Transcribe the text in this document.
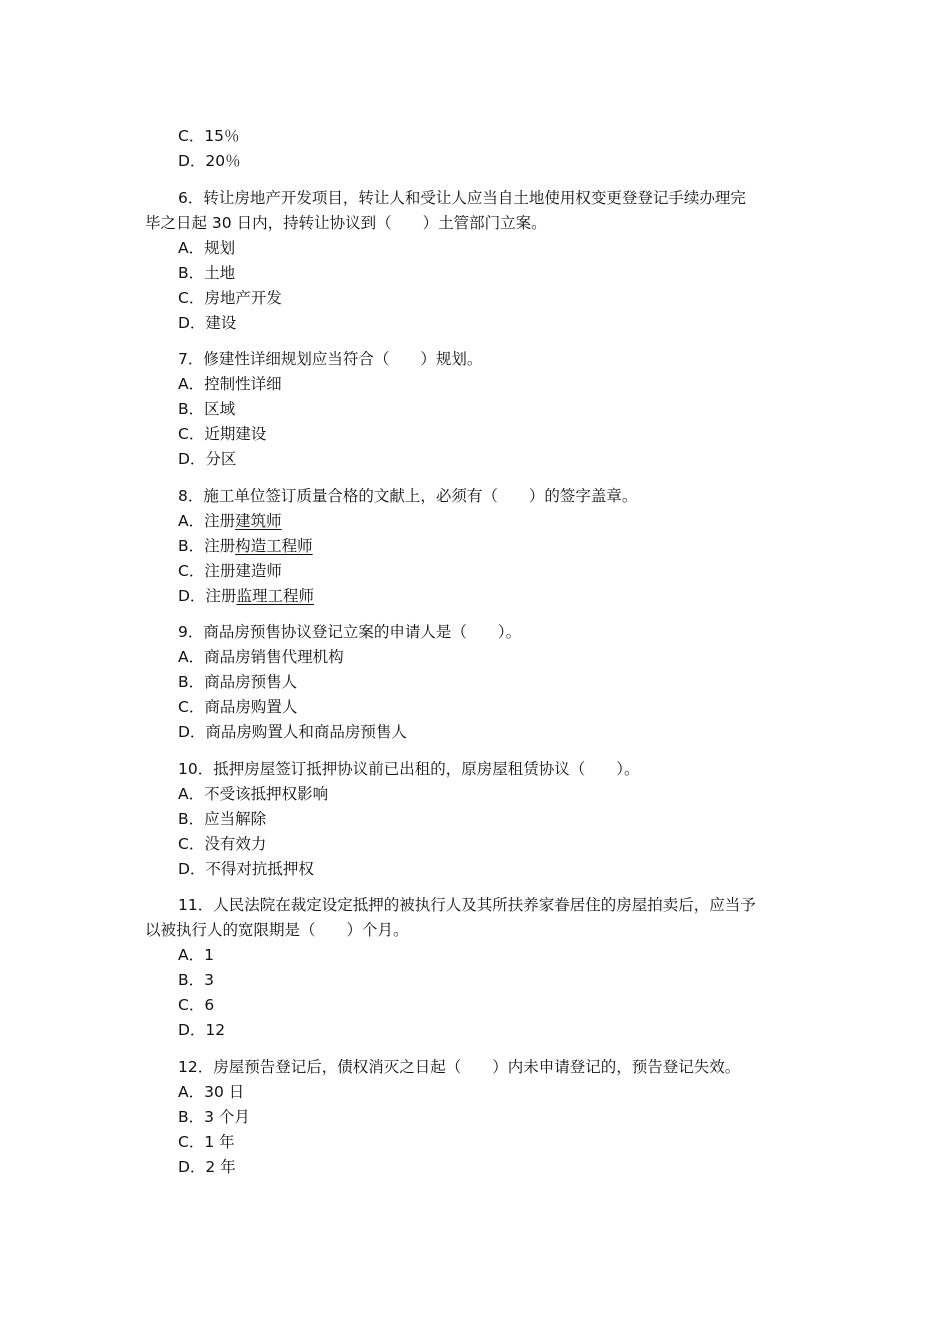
C．15％
D．20％
6．转让房地产开发项目，转让人和受让人应当自土地使用权变更登登记手续办理完
毕之日起 30 日内，持转让协议到（　　）土管部门立案。
A．规划
B．土地
C．房地产开发
D．建设
7．修建性详细规划应当符合（　　）规划。
A．控制性详细
B．区域
C．近期建设
D．分区
8．施工单位签订质量合格的文献上，必须有（　　）的签字盖章。
A．注册建筑师
B．注册构造工程师
C．注册建造师
D．注册监理工程师
9．商品房预售协议登记立案的申请人是（　　）。
A．商品房销售代理机构
B．商品房预售人
C．商品房购置人
D．商品房购置人和商品房预售人
10．抵押房屋签订抵押协议前已出租的，原房屋租赁协议（　　）。
A．不受该抵押权影响
B．应当解除
C．没有效力
D．不得对抗抵押权
11．人民法院在裁定设定抵押的被执行人及其所扶养家眷居住的房屋拍卖后，应当予
以被执行人的宽限期是（　　）个月。
A．1
B．3
C．6
D．12
12．房屋预告登记后，债权消灭之日起（　　）内未申请登记的，预告登记失效。
A．30 日
B．3 个月
C．1 年
D．2 年
